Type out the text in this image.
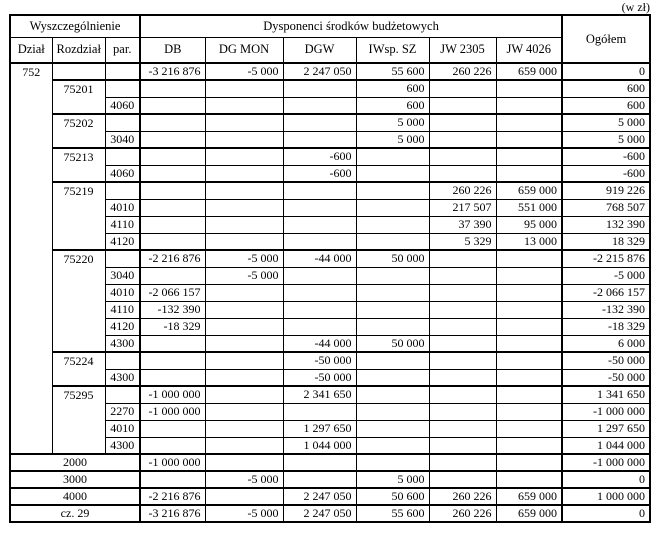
(w zł)
Wyszczególnienie			Dysponenci środków budżetowych						Ogółem
Dział	Rozdział	par.	DB	DG MON	DGW	IWsp. SZ	JW 2305	JW 4026	
752			-3 216 876	-5 000	2 247 050	55 600	260 226	659 000	0
	75201					600			600
		4060				600			600
	75202					5 000			5 000
		3040				5 000			5 000
	75213				-600				-600
		4060			-600				-600
	75219						260 226	659 000	919 226
		4010					217 507	551 000	768 507
		4110					37 390	95 000	132 390
		4120					5 329	13 000	18 329
	75220		-2 216 876	-5 000	-44 000	50 000			-2 215 876
		3040		-5 000					-5 000
		4010	-2 066 157						-2 066 157
		4110	-132 390						-132 390
		4120	-18 329						-18 329
		4300			-44 000	50 000			6 000
	75224				-50 000				-50 000
		4300			-50 000				-50 000
	75295		-1 000 000		2 341 650				1 341 650
		2270	-1 000 000						-1 000 000
		4010			1 297 650				1 297 650
		4300			1 044 000				1 044 000
2000			-1 000 000						-1 000 000
3000				-5 000		5 000			0
4000			-2 216 876		2 247 050	50 600	260 226	659 000	1 000 000
cz. 29			-3 216 876	-5 000	2 247 050	55 600	260 226	659 000	0
